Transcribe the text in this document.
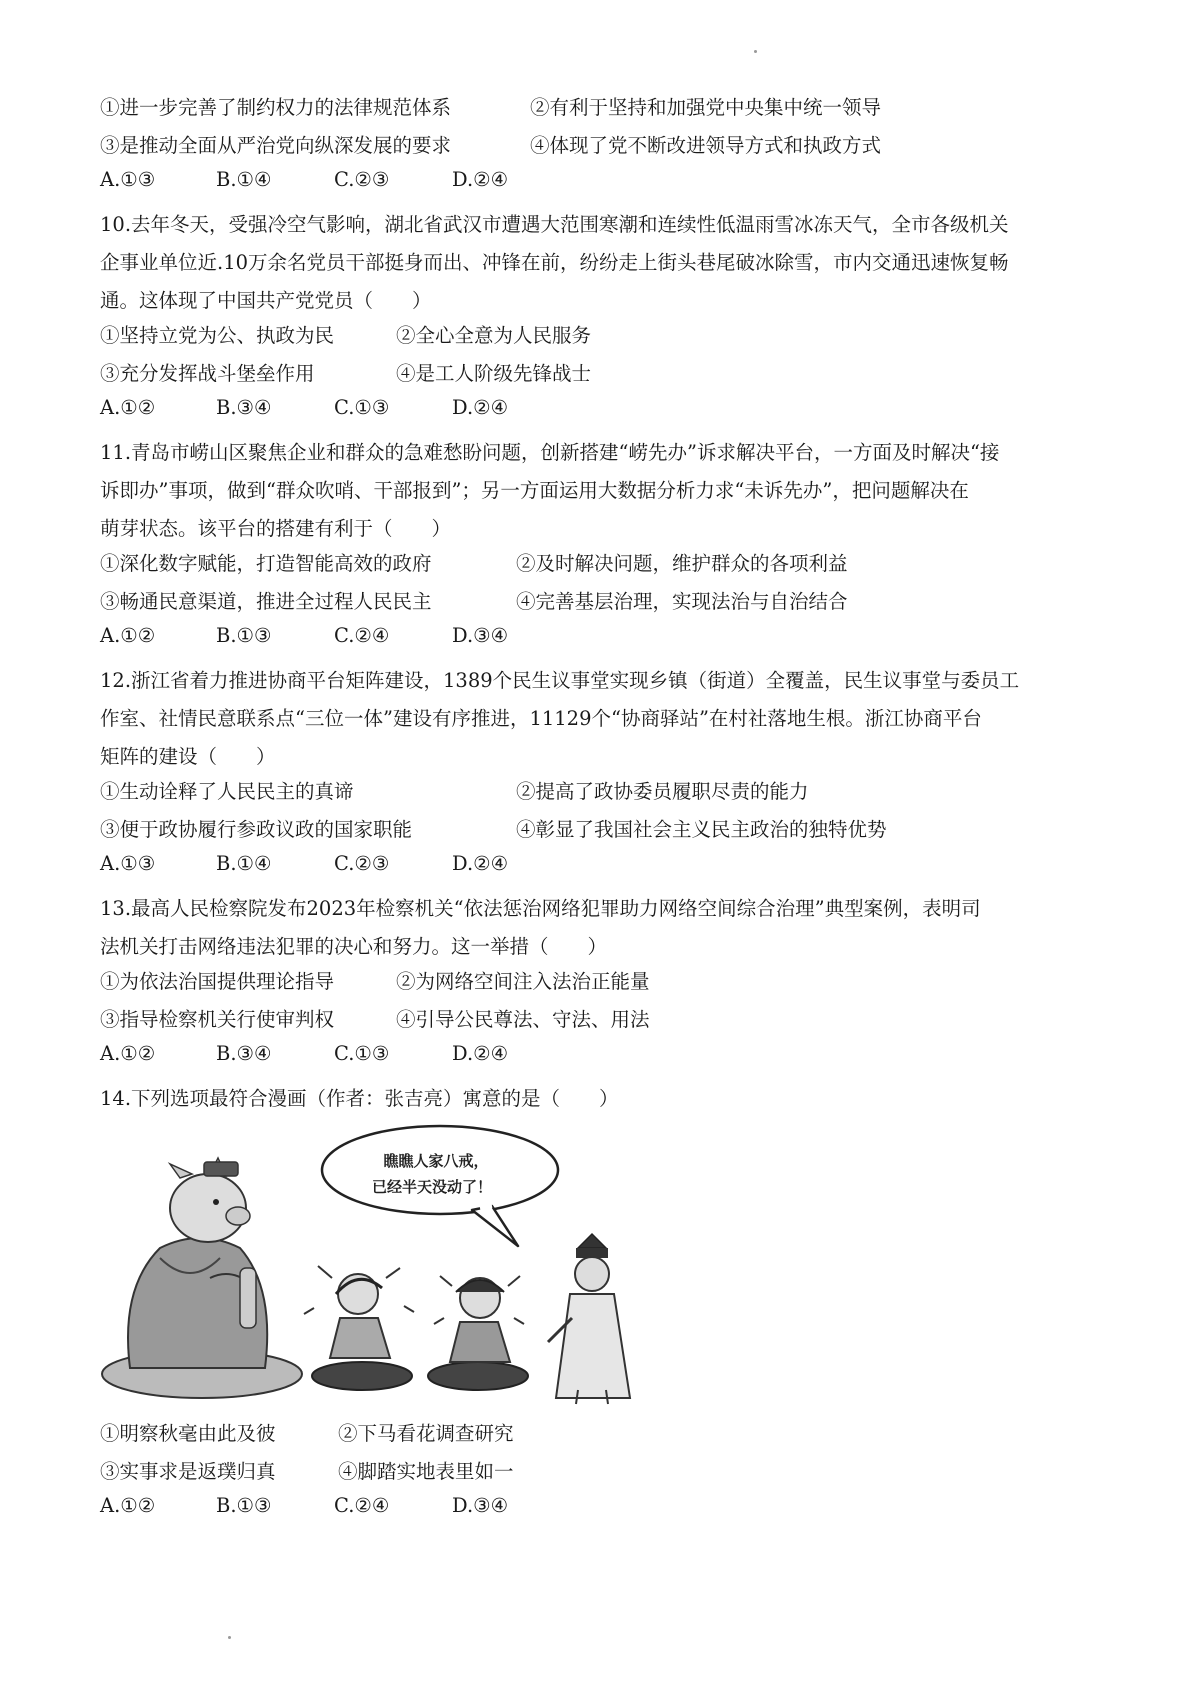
①进一步完善了制约权力的法律规范体系	②有利于坚持和加强党中央集中统一领导
③是推动全面从严治党向纵深发展的要求	④体现了党不断改进领导方式和执政方式
A.①③	B.①④	C.②③	D.②④
10.去年冬天，受强冷空气影响，湖北省武汉市遭遇大范围寒潮和连续性低温雨雪冰冻天气，全市各级机关
企事业单位近.10万余名党员干部挺身而出、冲锋在前，纷纷走上街头巷尾破冰除雪，市内交通迅速恢复畅
通。这体现了中国共产党党员（　　）
①坚持立党为公、执政为民	②全心全意为人民服务
③充分发挥战斗堡垒作用	④是工人阶级先锋战士
A.①②	B.③④	C.①③	D.②④
11.青岛市崂山区聚焦企业和群众的急难愁盼问题，创新搭建“崂先办”诉求解决平台，一方面及时解决“接
诉即办”事项，做到“群众吹哨、干部报到”；另一方面运用大数据分析力求“未诉先办”，把问题解决在
萌芽状态。该平台的搭建有利于（　　）
①深化数字赋能，打造智能高效的政府	②及时解决问题，维护群众的各项利益
③畅通民意渠道，推进全过程人民民主	④完善基层治理，实现法治与自治结合
A.①②	B.①③	C.②④	D.③④
12.浙江省着力推进协商平台矩阵建设，1389个民生议事堂实现乡镇（街道）全覆盖，民生议事堂与委员工
作室、社情民意联系点“三位一体”建设有序推进，11129个“协商驿站”在村社落地生根。浙江协商平台
矩阵的建设（　　）
①生动诠释了人民民主的真谛	②提高了政协委员履职尽责的能力
③便于政协履行参政议政的国家职能	④彰显了我国社会主义民主政治的独特优势
A.①③	B.①④	C.②③	D.②④
13.最高人民检察院发布2023年检察机关“依法惩治网络犯罪助力网络空间综合治理”典型案例，表明司
法机关打击网络违法犯罪的决心和努力。这一举措（　　）
①为依法治国提供理论指导	②为网络空间注入法治正能量
③指导检察机关行使审判权	④引导公民尊法、守法、用法
A.①②	B.③④	C.①③	D.②④
14.下列选项最符合漫画（作者：张吉亮）寓意的是（　　）
瞧瞧人家八戒，
已经半天没动了！
①明察秋毫由此及彼	②下马看花调查研究
③实事求是返璞归真	④脚踏实地表里如一
A.①②	B.①③	C.②④	D.③④
